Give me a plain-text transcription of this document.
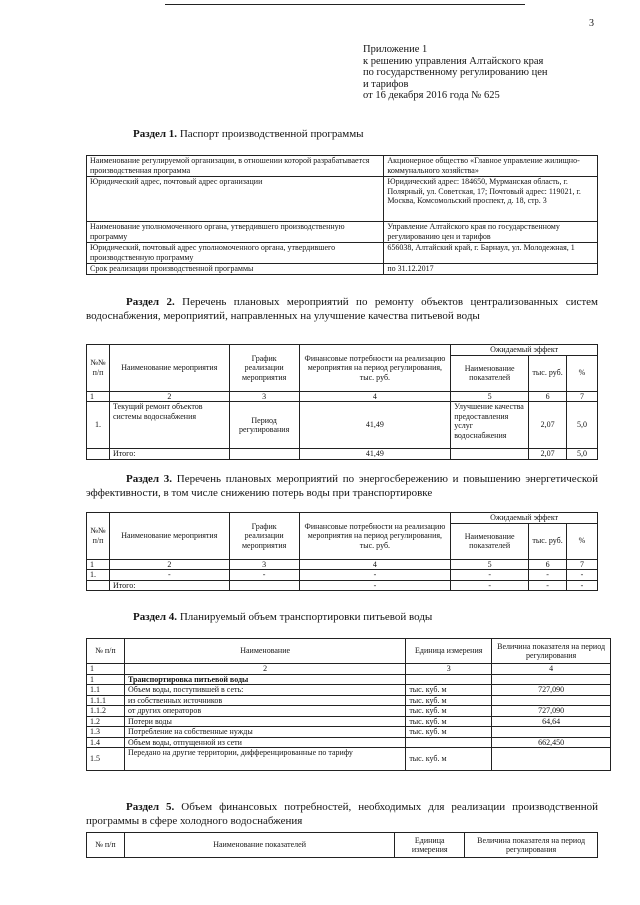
3
Приложение 1
к решению управления Алтайского края
по государственному регулированию цен
и тарифов
от 16 декабря 2016 года № 625
Раздел 1. Паспорт производственной программы
Наименование регулируемой организации, в отношении которой разрабатывается производственная программа	Акционерное общество «Главное управление жилищно-коммунального хозяйства»
Юридический адрес, почтовый адрес организации	Юридический адрес: 184650, Мурманская область, г. Полярный, ул. Советская, 17; Почтовый адрес: 119021, г. Москва, Комсомольский проспект, д. 18, стр. 3
Наименование уполномоченного органа, утвердившего производственную программу	Управление Алтайского края по государственному регулированию цен и тарифов
Юридический, почтовый адрес уполномоченного органа, утвердившего производственную программу	656038, Алтайский край, г. Барнаул, ул. Молодежная, 1
Срок реализации производственной программы	по 31.12.2017
Раздел 2. Перечень плановых мероприятий по ремонту объектов централизованных систем водоснабжения, мероприятий, направленных на улучшение качества питьевой воды
№№ п/п	Наименование мероприятия	График реализации мероприятия	Финансовые потребности на реализацию мероприятия на период регулирования, тыс. руб.	Ожидаемый эффект		
				Наименование показателей	тыс. руб.	%
1	2	3	4	5	6	7
1.	Текущий ремонт объектов системы водоснабжения	Период регулирования	41,49	Улучшение качества предоставления услуг водоснабжения	2,07	5,0
	Итого:		41,49		2,07	5,0
Раздел 3. Перечень плановых мероприятий по энергосбережению и повышению энергетической эффективности, в том числе снижению потерь воды при транспортировке
№№ п/п	Наименование мероприятия	График реализации мероприятия	Финансовые потребности на реализацию мероприятия на период регулирования, тыс. руб.	Ожидаемый эффект		
				Наименование показателей	тыс. руб.	%
1	2	3	4	5	6	7
1.	-	-	-	-	-	-
	Итого:		-	-	-	-
Раздел 4. Планируемый объем транспортировки питьевой воды
№ п/п	Наименование	Единица измерения	Величина показателя на период регулирования
1	2	3	4
1	Транспортировка питьевой воды		
1.1	Объем воды, поступившей в сеть:	тыс. куб. м	727,090
1.1.1	из собственных источников	тыс. куб. м	
1.1.2	от других операторов	тыс. куб. м	727,090
1.2	Потери воды	тыс. куб. м	64,64
1.3	Потребление на собственные нужды	тыс. куб. м	
1.4	Объем воды, отпущенной из сети		662,450
1.5	Передано на другие территории, дифференцированные по тарифу	тыс. куб. м	
Раздел 5. Объем финансовых потребностей, необходимых для реализации производственной программы в сфере холодного водоснабжения
№ п/п	Наименование показателей	Единица измерения	Величина показателя на период регулирования
